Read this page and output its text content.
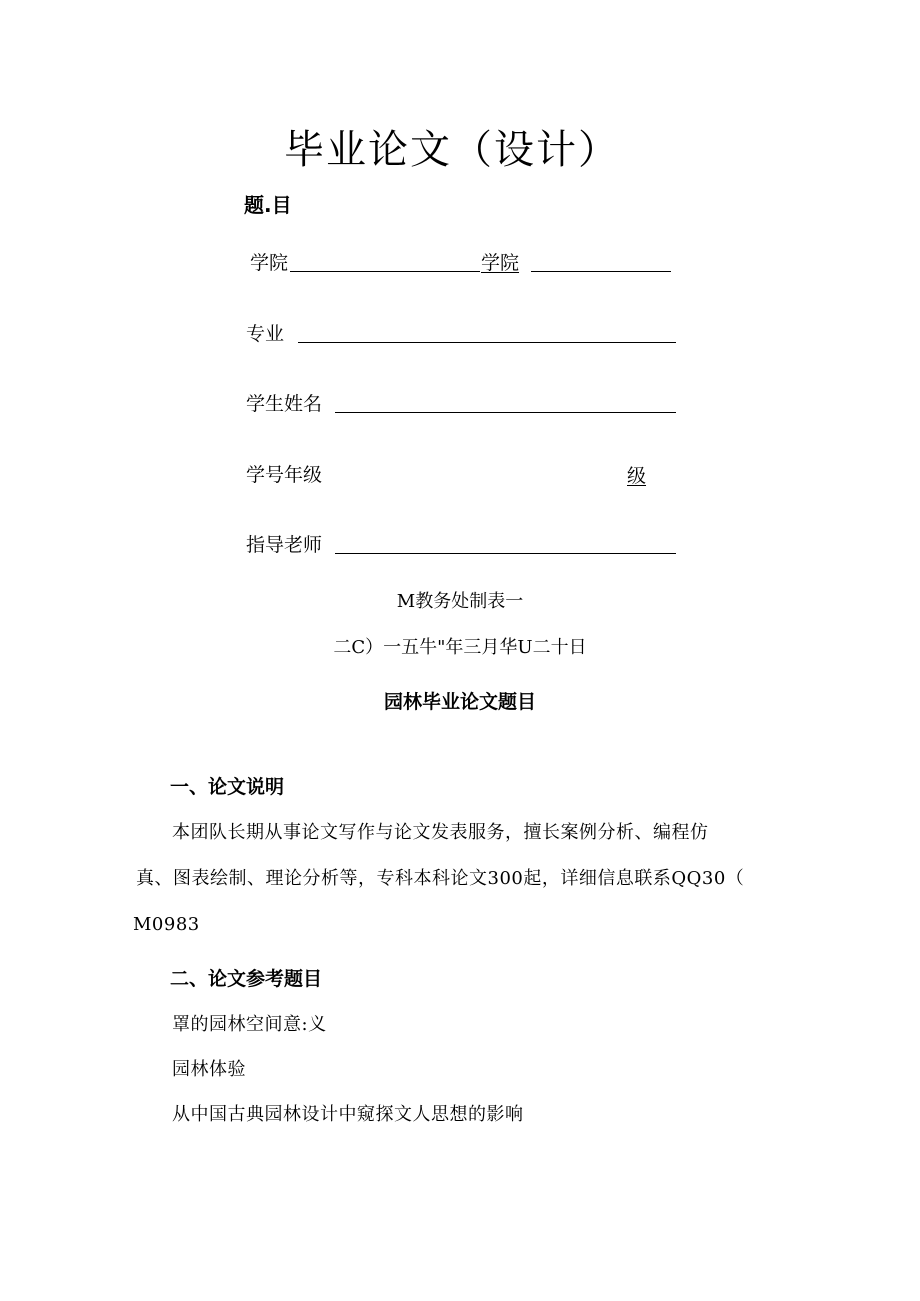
毕业论文（设计）
题.目
学院	学院
专业
学生姓名
学号年级	级
指导老师
M教务处制表一
二C）一五牛"年三月华U二十日
园林毕业论文题目
一、论文说明
本团队长期从事论文写作与论文发表服务，擅长案例分析、编程仿
真、图表绘制、理论分析等，专科本科论文300起，详细信息联系QQ30（
M0983
二、论文参考题目
罩的园林空间意:义
园林体验
从中国古典园林设计中窥探文人思想的影响
